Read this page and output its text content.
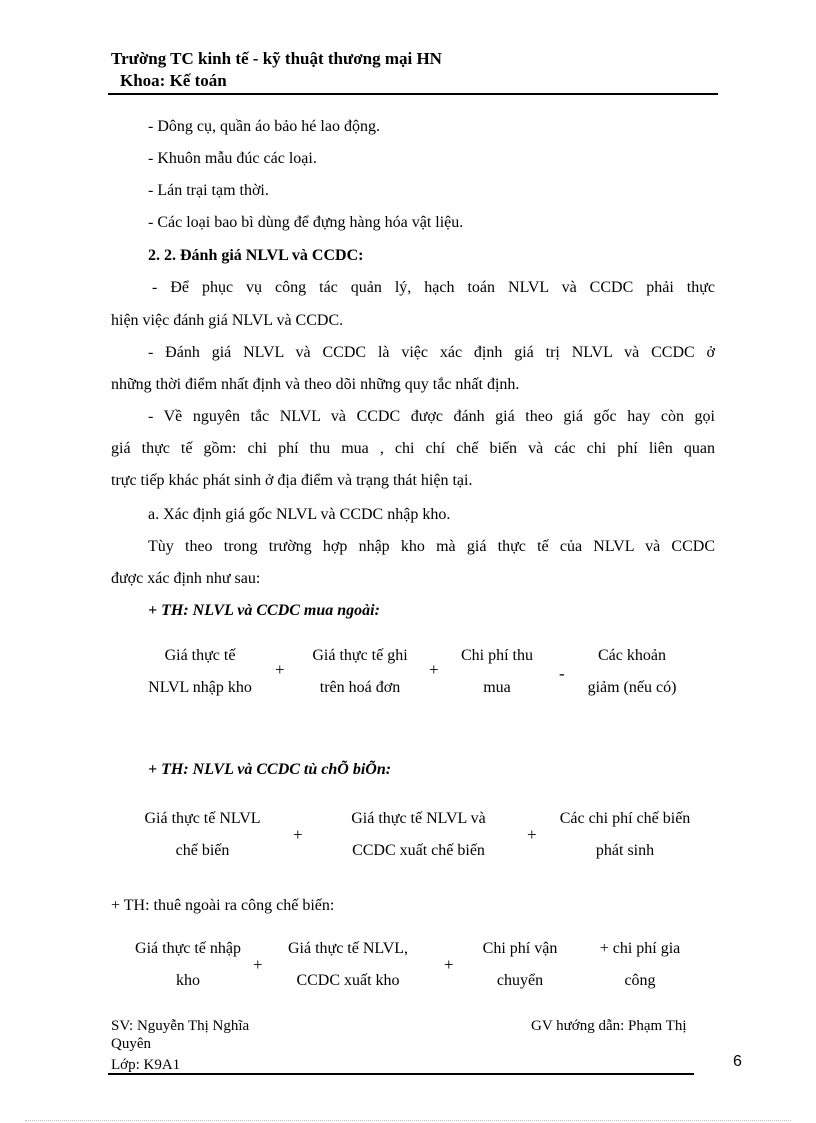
Trường TC kinh tế - kỹ thuật thương mại HN
Khoa: Kế toán
- Dông cụ, quần áo bảo hé lao động.
- Khuôn mẫu đúc các loại.
- Lán trại tạm thời.
- Các loại bao bì dùng để đựng hàng hóa vật liệu.
2. 2. Đánh giá NLVL và CCDC:
- Để phục vụ công tác quản lý, hạch toán NLVL và CCDC phải thực
hiện việc đánh giá NLVL và CCDC.
- Đánh giá NLVL và CCDC là việc xác định giá trị NLVL và CCDC ở
những thời điểm nhất định và theo dõi những quy tắc nhất định.
- Về nguyên tắc NLVL và CCDC được đánh giá theo giá gốc hay còn gọi
giá thực tế gồm: chi phí thu mua , chi chí chế biến và các chi phí liên quan
trực tiếp khác phát sinh ở địa điểm và trạng thát hiện tại.
a. Xác định giá gốc NLVL và CCDC nhập kho.
Tùy theo trong trường hợp nhập kho mà giá thực tế của NLVL và CCDC
được xác định như sau:
+ TH: NLVL và CCDC mua ngoài:
Giá thực tế
NLVL nhập kho
+
Giá thực tế ghi
trên hoá đơn
+
Chi phí thu
mua
-
Các khoản
giảm (nếu có)
+ TH: NLVL và CCDC tù chÕ biÕn:
Giá thực tế NLVL
chế biến
+
Giá thực tế NLVL và
CCDC xuất chế biến
+
Các chi phí chế biến
phát sinh
+ TH: thuê ngoài ra công chế biến:
Giá thực tế nhập
kho
+
Giá thực tế NLVL,
CCDC xuất kho
+
Chi phí vận
chuyển
+ chi phí gia
công
SV: Nguyễn Thị Nghĩa
Quyên
Lớp: K9A1
GV hướng dẫn: Phạm Thị
6
